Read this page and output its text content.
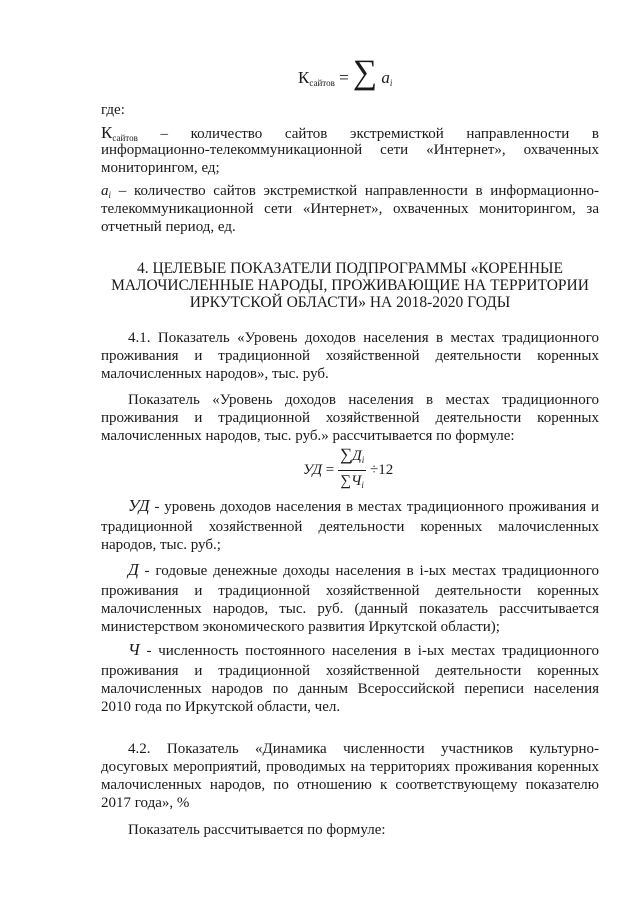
$К_{сайтов}$ = ∑ $a_i$
где:
$К_{сайтов}$ – количество сайтов экстремисткой направленности в
информационно-телекоммуникационной сети «Интернет», охваченных
мониторингом, ед;
$a_i$ – количество сайтов экстремисткой направленности в информационно-
телекоммуникационной сети «Интернет», охваченных мониторингом, за
отчетный период, ед.
4. ЦЕЛЕВЫЕ ПОКАЗАТЕЛИ ПОДПРОГРАММЫ «КОРЕННЫЕ
МАЛОЧИСЛЕННЫЕ НАРОДЫ, ПРОЖИВАЮЩИЕ НА ТЕРРИТОРИИ
ИРКУТСКОЙ ОБЛАСТИ» НА 2018-2020 ГОДЫ
4.1. Показатель «Уровень доходов населения в местах традиционного
проживания и традиционной хозяйственной деятельности коренных
малочисленных народов», тыс. руб.
Показатель «Уровень доходов населения в местах традиционного
проживания и традиционной хозяйственной деятельности коренных
малочисленных народов, тыс. руб.» рассчитывается по формуле:
УД = $\frac{\sum Д_i}{\sum Ч_i} \div 12$
УД - уровень доходов населения в местах традиционного проживания и
традиционной хозяйственной деятельности коренных малочисленных
народов, тыс. руб.;
Д - годовые денежные доходы населения в i-ых местах традиционного
проживания и традиционной хозяйственной деятельности коренных
малочисленных народов, тыс. руб. (данный показатель рассчитывается
министерством экономического развития Иркутской области);
Ч - численность постоянного населения в i-ых местах традиционного
проживания и традиционной хозяйственной деятельности коренных
малочисленных народов по данным Всероссийской переписи населения
2010 года по Иркутской области, чел.
4.2. Показатель «Динамика численности участников культурно-
досуговых мероприятий, проводимых на территориях проживания коренных
малочисленных народов, по отношению к соответствующему показателю
2017 года», %
Показатель рассчитывается по формуле:
